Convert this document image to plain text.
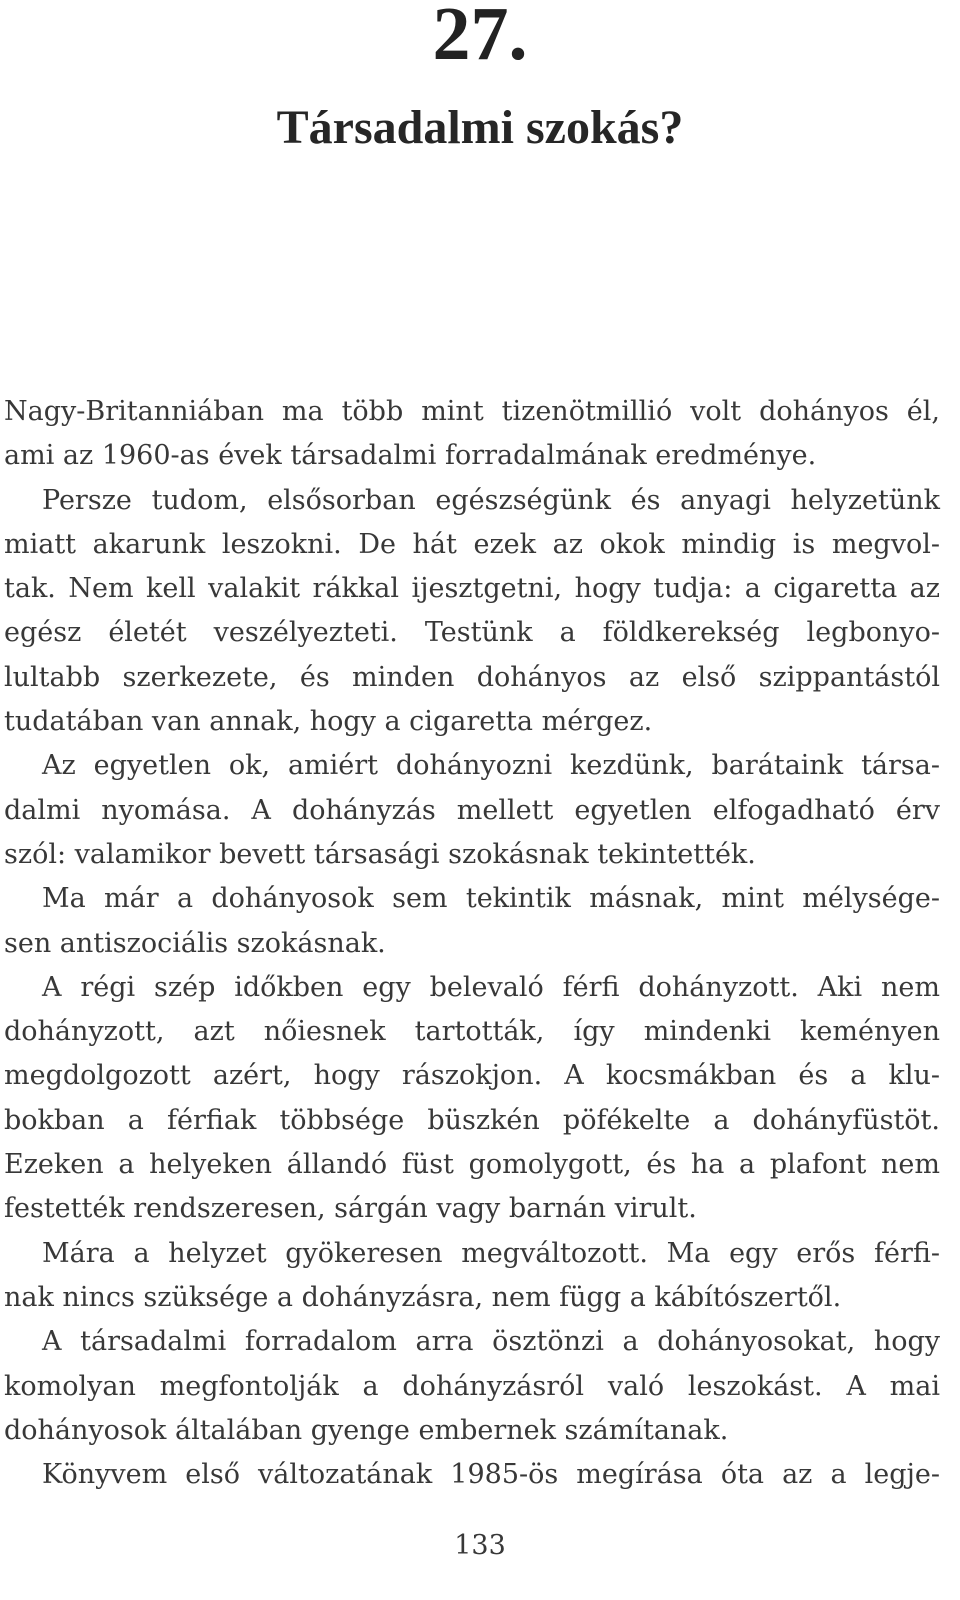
27.
Társadalmi szokás?
Nagy-Britanniában ma több mint tizenötmillió volt dohányos él,
ami az 1960-as évek társadalmi forradalmának eredménye.
Persze tudom, elsősorban egészségünk és anyagi helyzetünk
miatt akarunk leszokni. De hát ezek az okok mindig is megvol-
tak. Nem kell valakit rákkal ijesztgetni, hogy tudja: a cigaretta az
egész életét veszélyezteti. Testünk a földkerekség legbonyo-
lultabb szerkezete, és minden dohányos az első szippantástól
tudatában van annak, hogy a cigaretta mérgez.
Az egyetlen ok, amiért dohányozni kezdünk, barátaink társa-
dalmi nyomása. A dohányzás mellett egyetlen elfogadható érv
szól: valamikor bevett társasági szokásnak tekintették.
Ma már a dohányosok sem tekintik másnak, mint mélysége-
sen antiszociális szokásnak.
A régi szép időkben egy belevaló férfi dohányzott. Aki nem
dohányzott, azt nőiesnek tartották, így mindenki keményen
megdolgozott azért, hogy rászokjon. A kocsmákban és a klu-
bokban a férfiak többsége büszkén pöfékelte a dohányfüstöt.
Ezeken a helyeken állandó füst gomolygott, és ha a plafont nem
festették rendszeresen, sárgán vagy barnán virult.
Mára a helyzet gyökeresen megváltozott. Ma egy erős férfi-
nak nincs szüksége a dohányzásra, nem függ a kábítószertől.
A társadalmi forradalom arra ösztönzi a dohányosokat, hogy
komolyan megfontolják a dohányzásról való leszokást. A mai
dohányosok általában gyenge embernek számítanak.
Könyvem első változatának 1985-ös megírása óta az a legje-
133
